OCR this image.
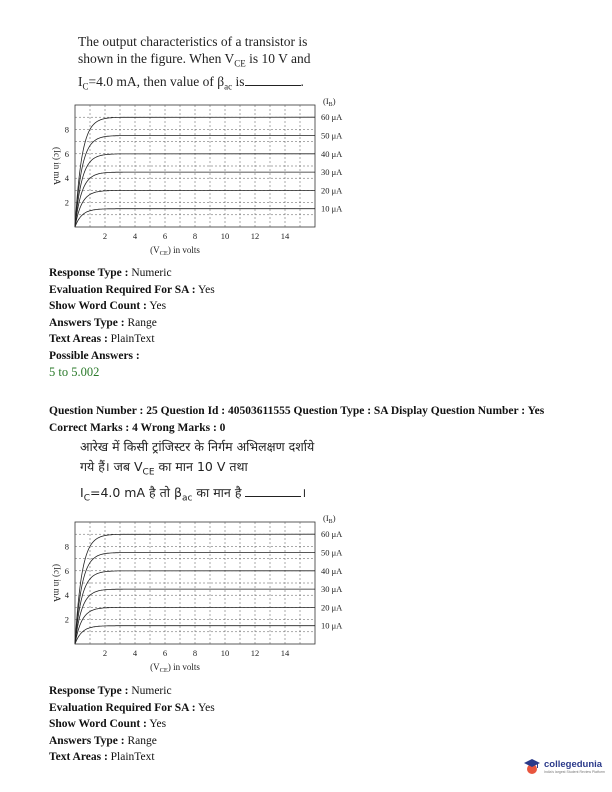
The output characteristics of a transistor is
shown in the figure. When $V_{CE}$ is 10 V and
$I_C=4.0$ mA, then value of $\beta_{ac}$ is	.
60 μA
50 μA
40 μA
30 μA
20 μA
10 μA
$(I_B)$
2	4	6	8	10	12	14
2
4
6
8
$(V_{CE})$ in volts
(Ic) in mA
Response Type : Numeric
Evaluation Required For SA : Yes
Show Word Count : Yes
Answers Type : Range
Text Areas : PlainText
Possible Answers :
5 to 5.002
Question Number : 25 Question Id : 40503611555 Question Type : SA Display Question Number : Yes
Correct Marks : 4 Wrong Marks : 0
आरेख में किसी ट्रांजिस्टर के निर्गम अभिलक्षण दर्शाये
गये हैं। जब $V_{CE}$ का मान 10 V तथा
$I_C=4.0$ mA है तो $\beta_{ac}$ का मान है	।
60 μA
50 μA
40 μA
30 μA
20 μA
10 μA
$(I_B)$
2	4	6	8	10	12	14
2
4
6
8
$(V_{CE})$ in volts
(Ic) in mA
Response Type : Numeric
Evaluation Required For SA : Yes
Show Word Count : Yes
Answers Type : Range
Text Areas : PlainText
collegedunia
India's largest Student Review Platform
